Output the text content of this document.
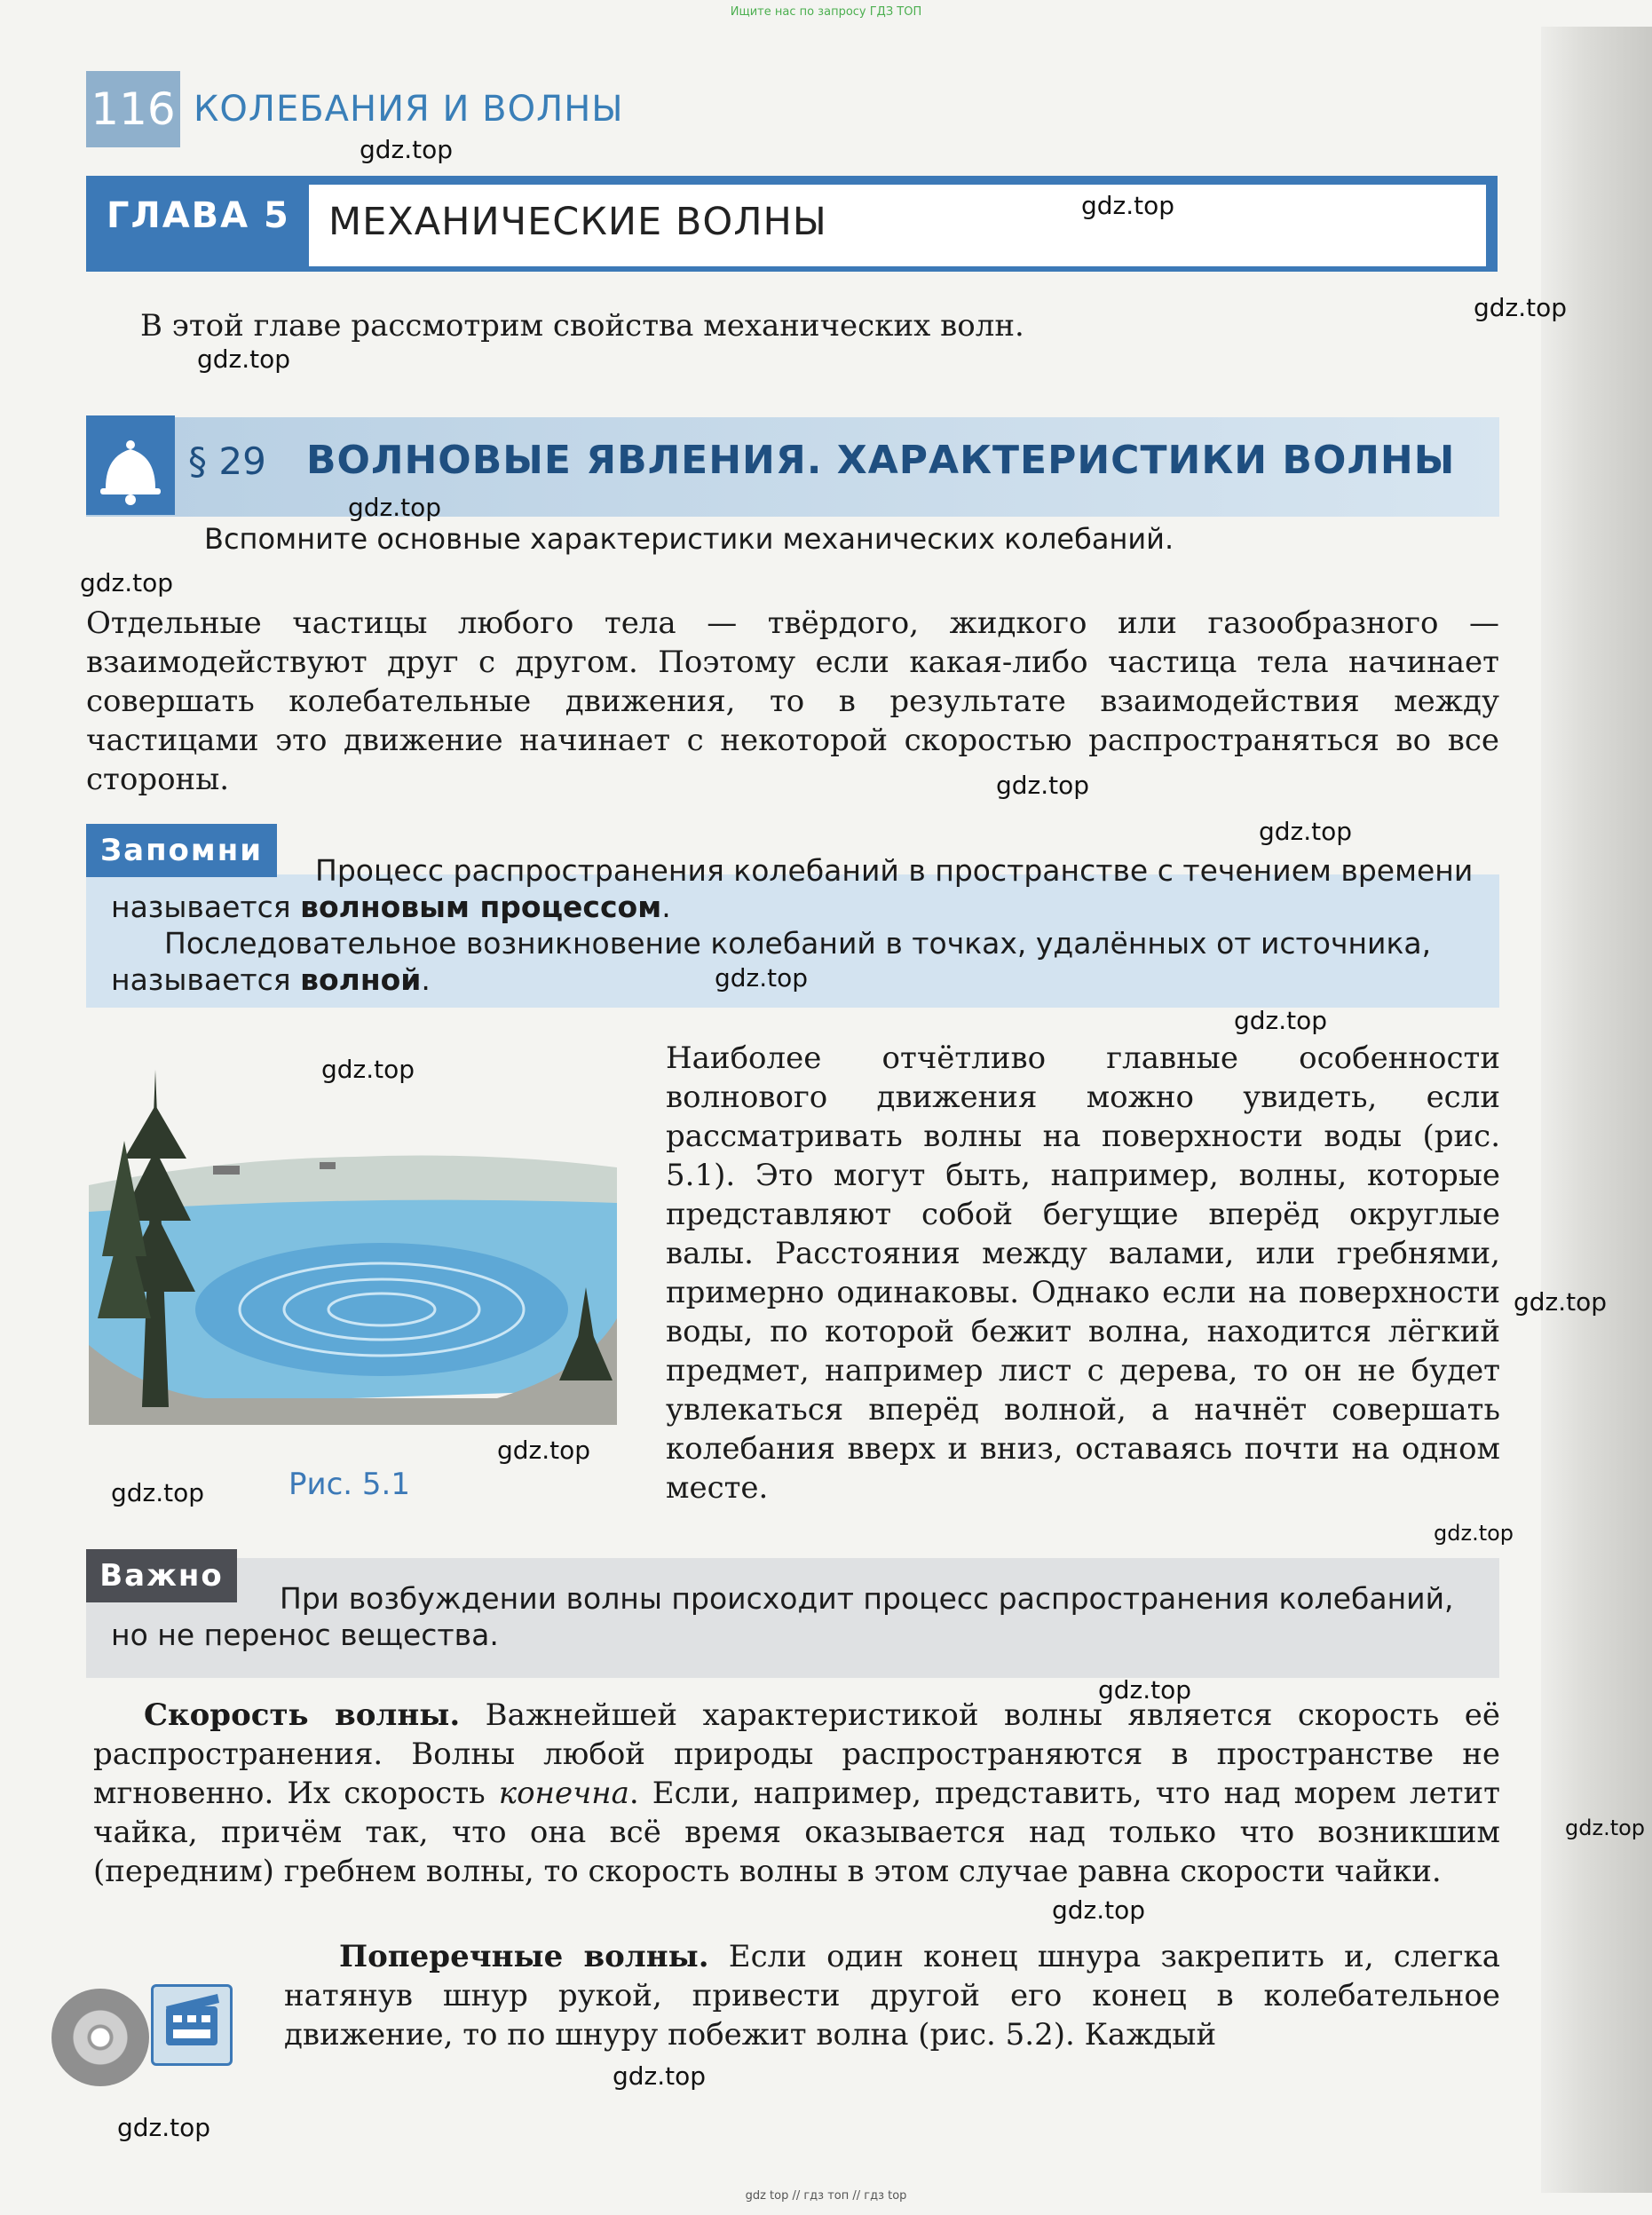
Ищите нас по запросу ГДЗ ТОП
116 КОЛЕБАНИЯ И ВОЛНЫ
ГЛАВА 5 МЕХАНИЧЕСКИЕ ВОЛНЫ
В этой главе рассмотрим свойства механических волн.
§ 29 ВОЛНОВЫЕ ЯВЛЕНИЯ. ХАРАКТЕРИСТИКИ ВОЛНЫ
Вспомните основные характеристики механических колебаний.
Отдельные частицы любого тела — твёрдого, жидкого или газообразного — взаимодействуют друг с другом. Поэтому если какая-либо частица тела начинает совершать колебательные движения, то в результате взаимодействия между частицами это движение начинает с некоторой скоростью распространяться во все стороны.
Запомни
Процесс распространения колебаний в пространстве с течением времени называется волновым процессом.
Последовательное возникновение колебаний в точках, удалённых от источника, называется волной.
Рис. 5.1
Наиболее отчётливо главные особенности волнового движения можно увидеть, если рассматривать волны на поверхности воды (рис. 5.1). Это могут быть, например, волны, которые представляют собой бегущие вперёд округлые валы. Расстояния между валами, или гребнями, примерно одинаковы. Однако если на поверхности воды, по которой бежит волна, находится лёгкий предмет, например лист с дерева, то он не будет увлекаться вперёд волной, а начнёт совершать колебания вверх и вниз, оставаясь почти на одном месте.
Важно
При возбуждении волны происходит процесс распространения колебаний, но не перенос вещества.
Скорость волны. Важнейшей характеристикой волны является скорость её распространения. Волны любой природы распространяются в пространстве не мгновенно. Их скорость конечна. Если, например, представить, что над морем летит чайка, причём так, что она всё время оказывается над только что возникшим (передним) гребнем волны, то скорость волны в этом случае равна скорости чайки.
Поперечные волны. Если один конец шнура закрепить и, слегка натянув шнур рукой, привести другой его конец в колебательное движение, то по шнуру побежит волна (рис. 5.2). Каждый
gdz.top
gdz.top
gdz.top
gdz.top
gdz.top
gdz.top
gdz.top
gdz.top
gdz.top
gdz.top
gdz.top
gdz.top
gdz.top
gdz.top
gdz.top
gdz.top
gdz.top
gdz.top
gdz.top
gdz.top
gdz top // гдз топ // гдз top
